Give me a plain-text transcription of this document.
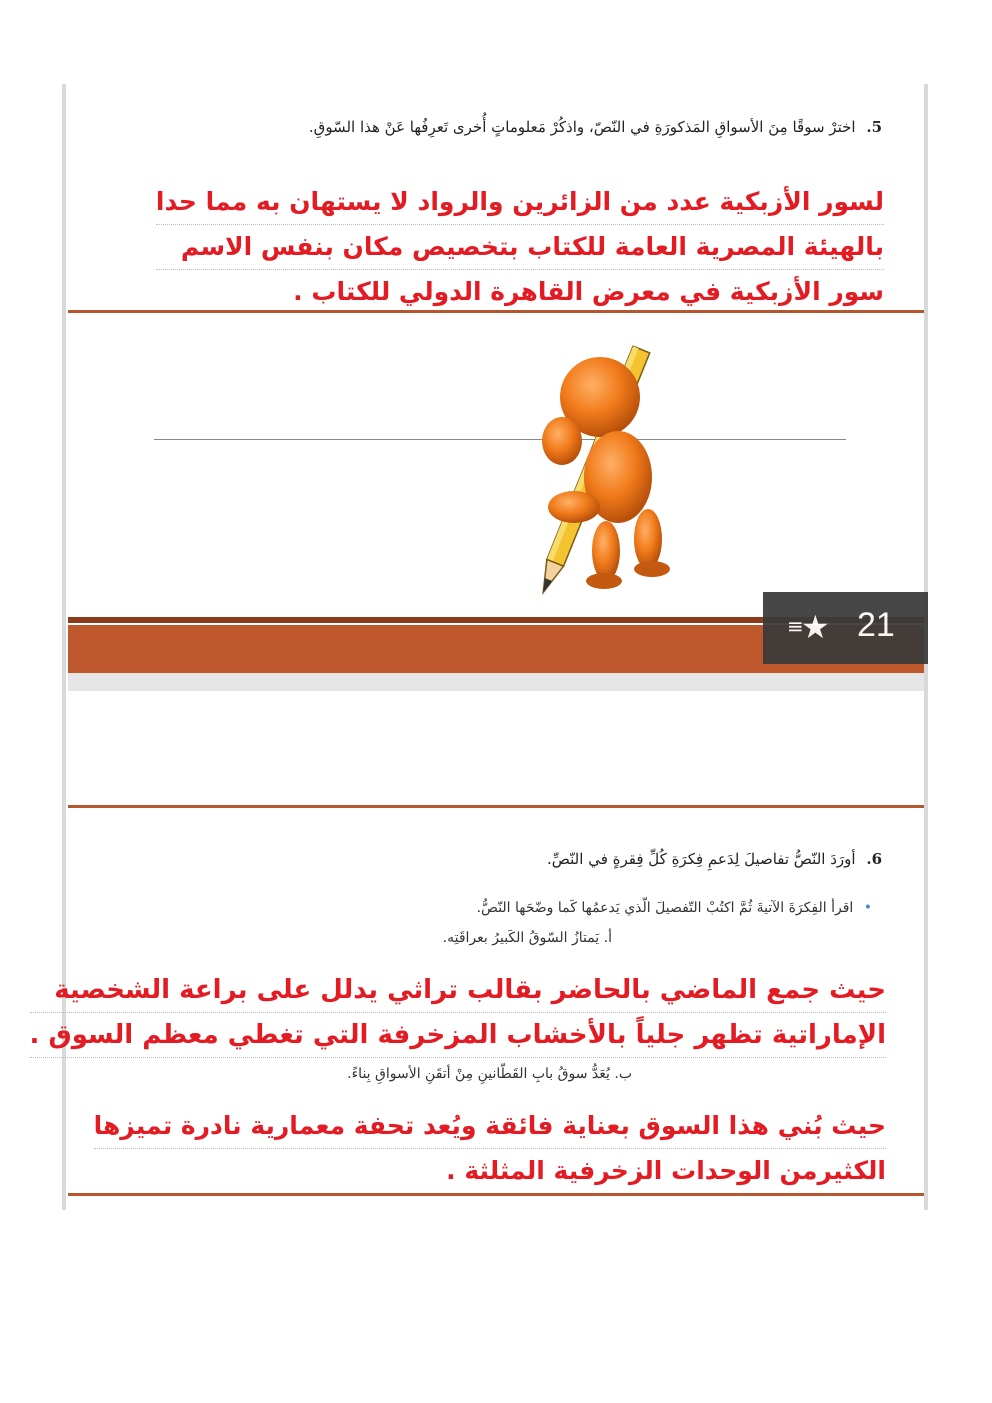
5. اخترْ سوقًا مِنَ الأسواقِ المَذكورَةِ في النّصّ، واذكُرْ مَعلوماتٍ أُخرى تَعرِفُها عَنْ هذا السّوقِ.
لسور الأزبكية عدد من الزائرين والرواد لا يستهان به مما حدا
بالهيئة المصرية العامة للكتاب بتخصيص مكان بنفس الاسم
سور الأزبكية في معرض القاهرة الدولي للكتاب .
≡
★ 21
6. أورَدَ النّصُّ تفاصيلَ لِدَعمِ فِكرَةِ كُلِّ فِقرةٍ في النّصِّ.
• اقرأ الفِكرَةَ الآتيةَ ثُمَّ اكتُبْ التّفصيلَ الّذي يَدعمُها كَما وضّحَها النّصُّ.
أ. يَمتازُ السّوقُ الكَبيرُ بعراقَتِه.
حيث جمع الماضي بالحاضر بقالب تراثي يدلل على براعة الشخصية
الإماراتية تظهر جلياً بالأخشاب المزخرفة التي تغطي معظم السوق .
ب. يُعَدُّ سوقُ بابِ القَطّانينِ مِنْ أتقَنِ الأسواقِ بِناءً.
حيث بُني هذا السوق بعناية فائقة ويُعد تحفة معمارية نادرة تميزها
الكثيرمن الوحدات الزخرفية المثلثة .
